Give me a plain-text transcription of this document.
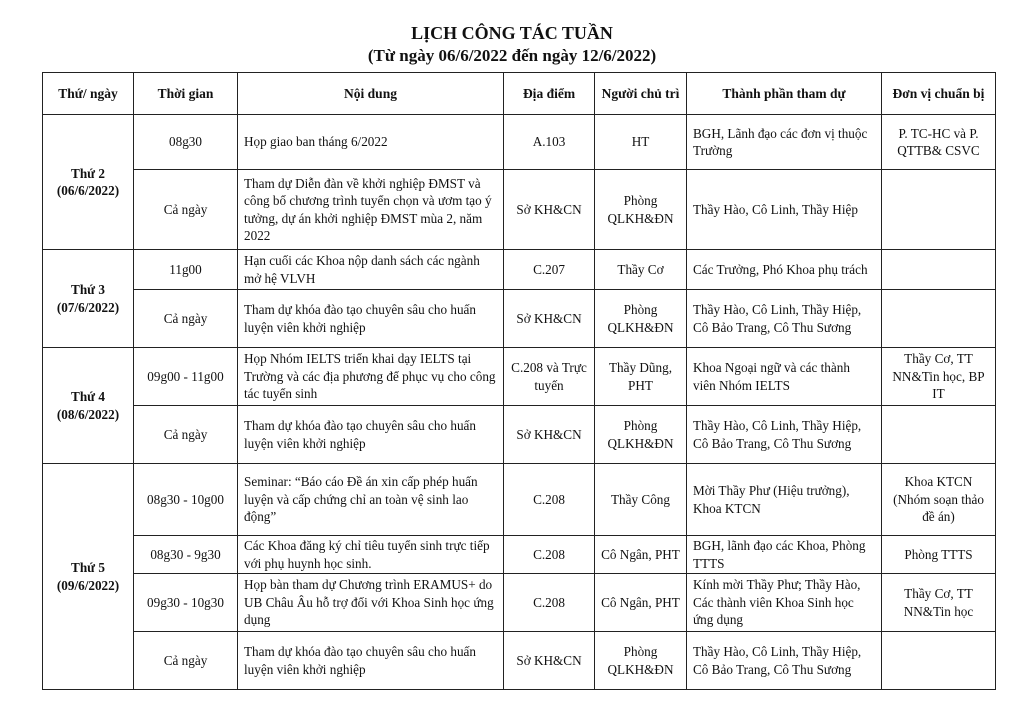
LỊCH CÔNG TÁC TUẦN
(Từ ngày 06/6/2022 đến ngày 12/6/2022)
Thứ/ ngày	Thời gian	Nội dung	Địa điểm	Người chủ trì	Thành phần tham dự	Đơn vị chuẩn bị

Thứ 2
(06/6/2022)	08g30	Họp giao ban tháng 6/2022	A.103	HT	BGH, Lãnh đạo các đơn vị thuộc Trường	P. TC-HC và P. QTTB& CSVC
	Cả ngày	Tham dự Diễn đàn về khởi nghiệp ĐMST và công bố chương trình tuyển chọn và ươm tạo ý tưởng, dự án khởi nghiệp ĐMST mùa 2, năm 2022	Sở KH&CN	Phòng QLKH&ĐN	Thầy Hào, Cô Linh, Thầy Hiệp	

Thứ 3
(07/6/2022)	11g00	Hạn cuối các Khoa nộp danh sách các ngành mở hệ VLVH	C.207	Thầy Cơ	Các Trưởng, Phó Khoa phụ trách	
	Cả ngày	Tham dự khóa đào tạo chuyên sâu cho huấn luyện viên khởi nghiệp	Sở KH&CN	Phòng QLKH&ĐN	Thầy Hào, Cô Linh, Thầy Hiệp, Cô Bảo Trang, Cô Thu Sương	

Thứ 4
(08/6/2022)	09g00 - 11g00	Họp Nhóm IELTS triển khai dạy IELTS tại Trường và các địa phương để phục vụ cho công tác tuyển sinh	C.208 và Trực tuyến	Thầy Dũng, PHT	Khoa Ngoại ngữ và các thành viên Nhóm IELTS	Thầy Cơ, TT NN&Tin học, BP IT
	Cả ngày	Tham dự khóa đào tạo chuyên sâu cho huấn luyện viên khởi nghiệp	Sở KH&CN	Phòng QLKH&ĐN	Thầy Hào, Cô Linh, Thầy Hiệp, Cô Bảo Trang, Cô Thu Sương	

Thứ 5
(09/6/2022)	08g30 - 10g00	Seminar: “Báo cáo Đề án xin cấp phép huấn luyện và cấp chứng chỉ an toàn vệ sinh lao động”	C.208	Thầy Công	Mời Thầy Phư (Hiệu trưởng), Khoa KTCN	Khoa KTCN (Nhóm soạn thảo đề án)
	08g30 - 9g30	Các Khoa đăng ký chỉ tiêu tuyển sinh trực tiếp với phụ huynh học sinh.	C.208	Cô Ngân, PHT	BGH, lãnh đạo các Khoa, Phòng TTTS	Phòng TTTS
	09g30 - 10g30	Họp bàn tham dự Chương trình ERAMUS+ do UB Châu Âu hỗ trợ đối với Khoa Sinh học ứng dụng	C.208	Cô Ngân, PHT	Kính mời Thầy Phư; Thầy Hào, Các thành viên Khoa Sinh học ứng dụng	Thầy Cơ, TT NN&Tin học
	Cả ngày	Tham dự khóa đào tạo chuyên sâu cho huấn luyện viên khởi nghiệp	Sở KH&CN	Phòng QLKH&ĐN	Thầy Hào, Cô Linh, Thầy Hiệp, Cô Bảo Trang, Cô Thu Sương	
